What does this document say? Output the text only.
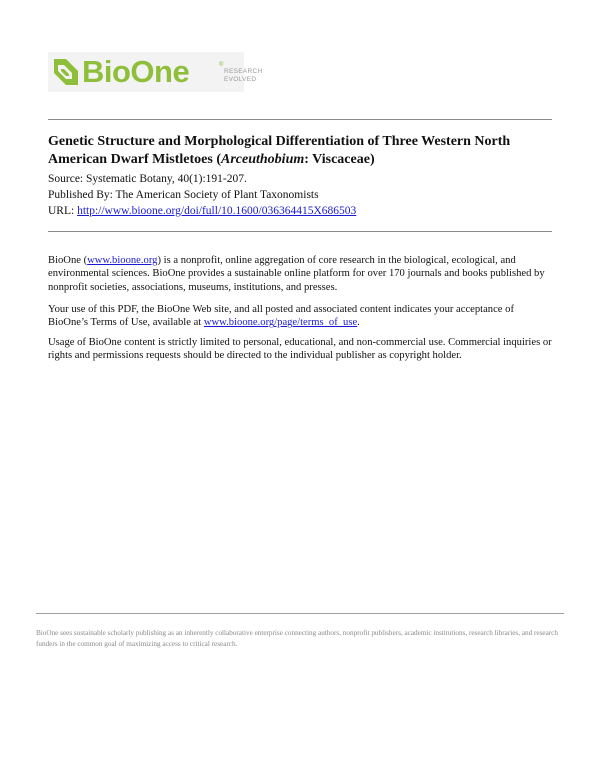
BioOne	®
RESEARCH
EVOLVED
Genetic Structure and Morphological Differentiation of Three Western North American Dwarf Mistletoes (Arceuthobium: Viscaceae)
Source: Systematic Botany, 40(1):191-207.
Published By: The American Society of Plant Taxonomists
URL: http://www.bioone.org/doi/full/10.1600/036364415X686503
BioOne (www.bioone.org) is a nonprofit, online aggregation of core research in the biological, ecological, and environmental sciences. BioOne provides a sustainable online platform for over 170 journals and books published by nonprofit societies, associations, museums, institutions, and presses.
Your use of this PDF, the BioOne Web site, and all posted and associated content indicates your acceptance of BioOne’s Terms of Use, available at www.bioone.org/page/terms_of_use.
Usage of BioOne content is strictly limited to personal, educational, and non-commercial use. Commercial inquiries or rights and permissions requests should be directed to the individual publisher as copyright holder.
BioOne sees sustainable scholarly publishing as an inherently collaborative enterprise connecting authors, nonprofit publishers, academic institutions, research libraries, and research funders in the common goal of maximizing access to critical research.
